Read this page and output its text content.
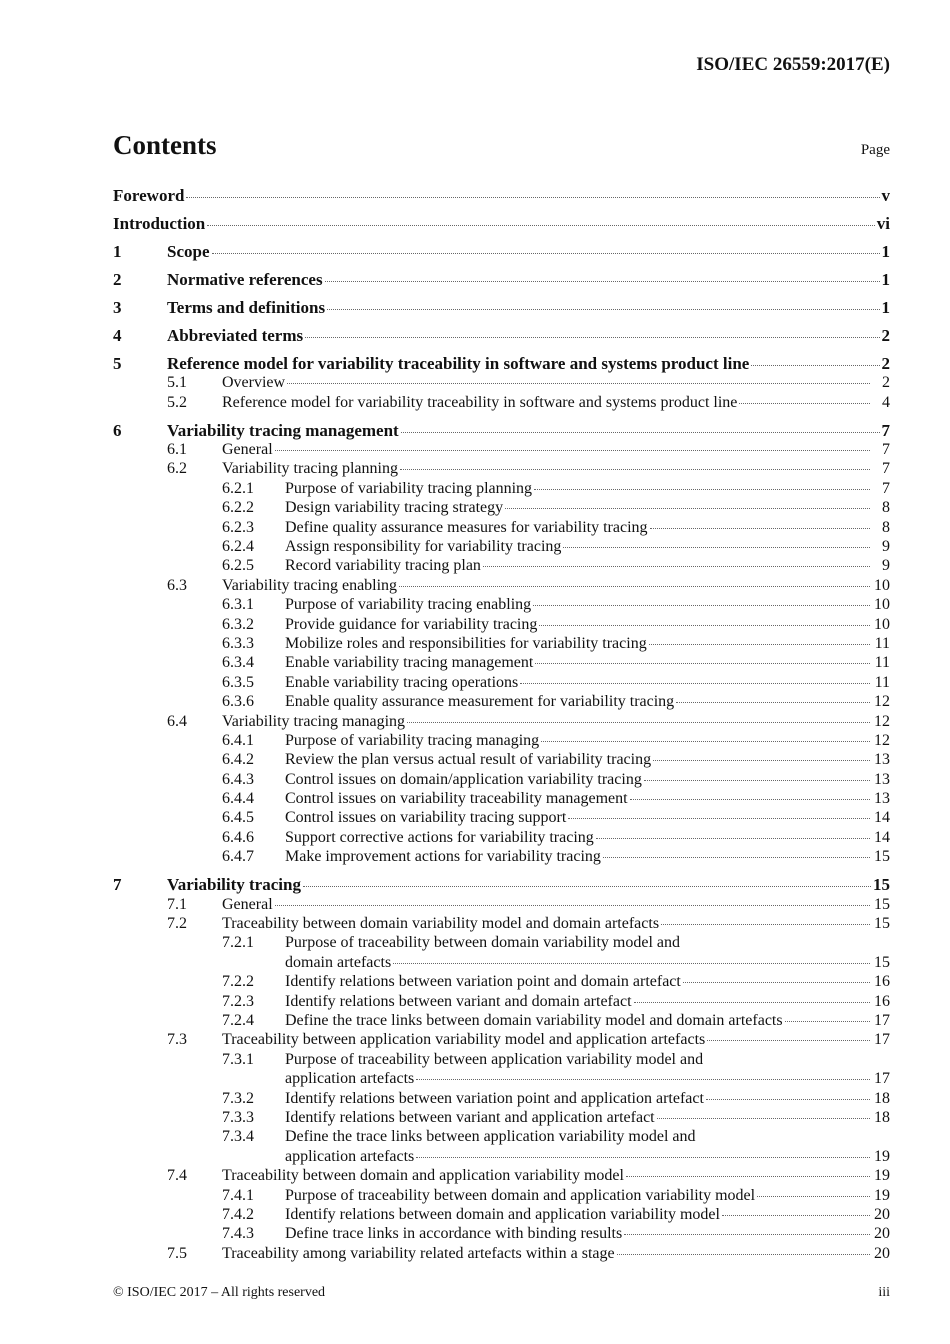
ISO/IEC 26559:2017(E)
Contents	Page
Foreword	v
Introduction	vi
1	Scope	1
2	Normative references	1
3	Terms and definitions	1
4	Abbreviated terms	2
5	Reference model for variability traceability in software and systems product line	2
5.1	Overview	2
5.2	Reference model for variability traceability in software and systems product line	4
6	Variability tracing management	7
6.1	General	7
6.2	Variability tracing planning	7
6.2.1	Purpose of variability tracing planning	7
6.2.2	Design variability tracing strategy	8
6.2.3	Define quality assurance measures for variability tracing	8
6.2.4	Assign responsibility for variability tracing	9
6.2.5	Record variability tracing plan	9
6.3	Variability tracing enabling	10
6.3.1	Purpose of variability tracing enabling	10
6.3.2	Provide guidance for variability tracing	10
6.3.3	Mobilize roles and responsibilities for variability tracing	11
6.3.4	Enable variability tracing management	11
6.3.5	Enable variability tracing operations	11
6.3.6	Enable quality assurance measurement for variability tracing	12
6.4	Variability tracing managing	12
6.4.1	Purpose of variability tracing managing	12
6.4.2	Review the plan versus actual result of variability tracing	13
6.4.3	Control issues on domain/application variability tracing	13
6.4.4	Control issues on variability traceability management	13
6.4.5	Control issues on variability tracing support	14
6.4.6	Support corrective actions for variability tracing	14
6.4.7	Make improvement actions for variability tracing	15
7	Variability tracing	15
7.1	General	15
7.2	Traceability between domain variability model and domain artefacts	15
7.2.1	Purpose of traceability between domain variability model and
domain artefacts	15
7.2.2	Identify relations between variation point and domain artefact	16
7.2.3	Identify relations between variant and domain artefact	16
7.2.4	Define the trace links between domain variability model and domain artefacts	17
7.3	Traceability between application variability model and application artefacts	17
7.3.1	Purpose of traceability between application variability model and
application artefacts	17
7.3.2	Identify relations between variation point and application artefact	18
7.3.3	Identify relations between variant and application artefact	18
7.3.4	Define the trace links between application variability model and
application artefacts	19
7.4	Traceability between domain and application variability model	19
7.4.1	Purpose of traceability between domain and application variability model	19
7.4.2	Identify relations between domain and application variability model	20
7.4.3	Define trace links in accordance with binding results	20
7.5	Traceability among variability related artefacts within a stage	20
© ISO/IEC 2017 – All rights reserved	iii
